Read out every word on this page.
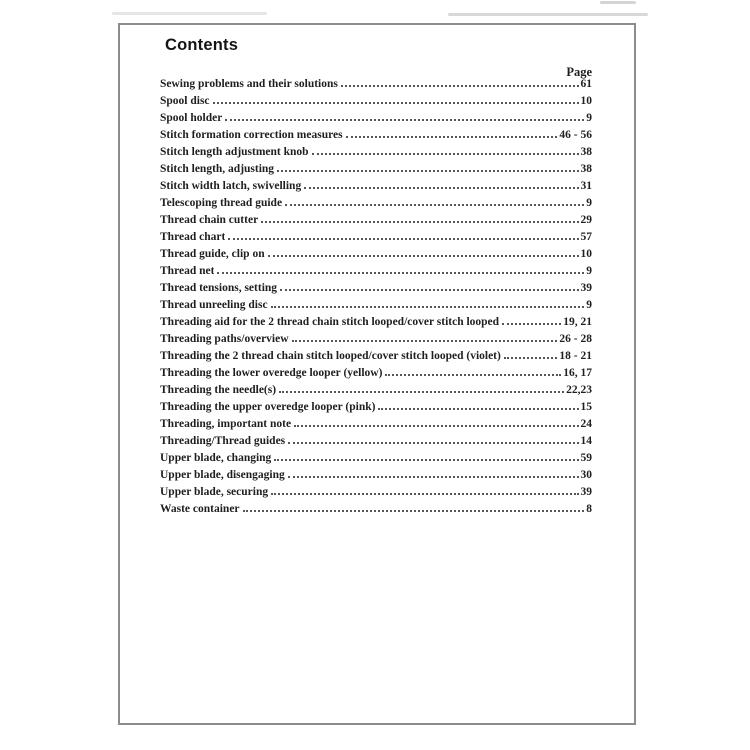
Contents
Page
Sewing problems and their solutions	61
Spool disc	10
Spool holder	9
Stitch formation correction measures	46 - 56
Stitch length adjustment knob	38
Stitch length, adjusting	38
Stitch width latch, swivelling	31
Telescoping thread guide	9
Thread chain cutter	29
Thread chart	57
Thread guide, clip on	10
Thread net	9
Thread tensions, setting	39
Thread unreeling disc	9
Threading aid for the 2 thread chain stitch looped/cover stitch looped	19, 21
Threading paths/overview	26 - 28
Threading the 2 thread chain stitch looped/cover stitch looped (violet)	18 - 21
Threading the lower overedge looper (yellow)	16, 17
Threading the needle(s)	22,23
Threading the upper overedge looper (pink)	15
Threading, important note	24
Threading/Thread guides	14
Upper blade, changing	59
Upper blade, disengaging	30
Upper blade, securing	39
Waste container	8
